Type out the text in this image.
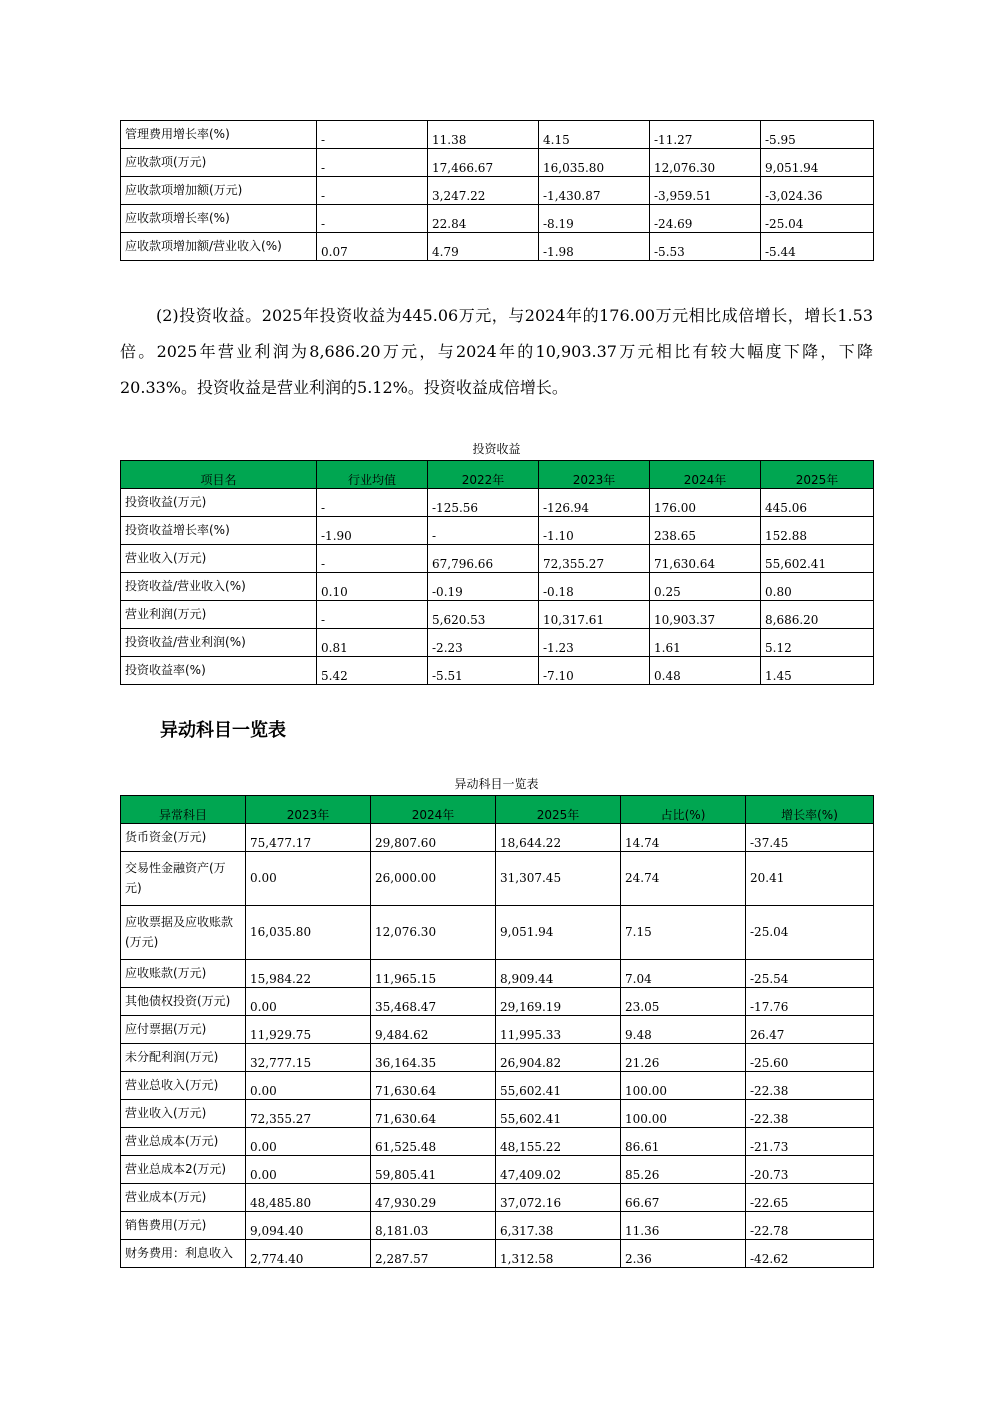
管理费用增长率(%)	-	11.38	4.15	-11.27	-5.95
应收款项(万元)	-	17,466.67	16,035.80	12,076.30	9,051.94
应收款项增加额(万元)	-	3,247.22	-1,430.87	-3,959.51	-3,024.36
应收款项增长率(%)	-	22.84	-8.19	-24.69	-25.04
应收款项增加额/营业收入(%)	0.07	4.79	-1.98	-5.53	-5.44

(2)投资收益。2025年投资收益为445.06万元，与2024年的176.00万元相比成倍增长，增长1.53倍。2025年营业利润为8,686.20万元，与2024年的10,903.37万元相比有较大幅度下降，下降20.33%。投资收益是营业利润的5.12%。投资收益成倍增长。

投资收益
项目名	行业均值	2022年	2023年	2024年	2025年
投资收益(万元)	-	-125.56	-126.94	176.00	445.06
投资收益增长率(%)	-1.90	-	-1.10	238.65	152.88
营业收入(万元)	-	67,796.66	72,355.27	71,630.64	55,602.41
投资收益/营业收入(%)	0.10	-0.19	-0.18	0.25	0.80
营业利润(万元)	-	5,620.53	10,317.61	10,903.37	8,686.20
投资收益/营业利润(%)	0.81	-2.23	-1.23	1.61	5.12
投资收益率(%)	5.42	-5.51	-7.10	0.48	1.45
异动科目一览表
异动科目一览表
异常科目	2023年	2024年	2025年	占比(%)	增长率(%)
货币资金(万元)	75,477.17	29,807.60	18,644.22	14.74	-37.45
交易性金融资产(万元)	0.00	26,000.00	31,307.45	24.74	20.41
应收票据及应收账款(万元)	16,035.80	12,076.30	9,051.94	7.15	-25.04
应收账款(万元)	15,984.22	11,965.15	8,909.44	7.04	-25.54
其他债权投资(万元)	0.00	35,468.47	29,169.19	23.05	-17.76
应付票据(万元)	11,929.75	9,484.62	11,995.33	9.48	26.47
未分配利润(万元)	32,777.15	36,164.35	26,904.82	21.26	-25.60
营业总收入(万元)	0.00	71,630.64	55,602.41	100.00	-22.38
营业收入(万元)	72,355.27	71,630.64	55,602.41	100.00	-22.38
营业总成本(万元)	0.00	61,525.48	48,155.22	86.61	-21.73
营业总成本2(万元)	0.00	59,805.41	47,409.02	85.26	-20.73
营业成本(万元)	48,485.80	47,930.29	37,072.16	66.67	-22.65
销售费用(万元)	9,094.40	8,181.03	6,317.38	11.36	-22.78
财务费用：利息收入	2,774.40	2,287.57	1,312.58	2.36	-42.62
